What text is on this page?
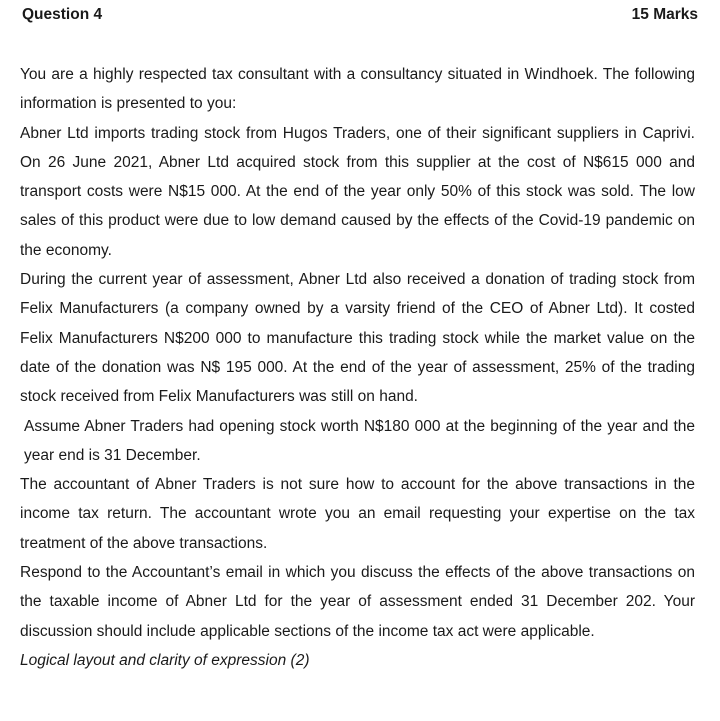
Question 4	15 Marks

You are a highly respected tax consultant with a consultancy situated in Windhoek. The following information is presented to you:

Abner Ltd imports trading stock from Hugos Traders, one of their significant suppliers in Caprivi. On 26 June 2021, Abner Ltd acquired stock from this supplier at the cost of N$615 000 and transport costs were N$15 000. At the end of the year only 50% of this stock was sold. The low sales of this product were due to low demand caused by the effects of the Covid-19 pandemic on the economy.

During the current year of assessment, Abner Ltd also received a donation of trading stock from Felix Manufacturers (a company owned by a varsity friend of the CEO of Abner Ltd). It costed Felix Manufacturers N$200 000 to manufacture this trading stock while the market value on the date of the donation was N$ 195 000. At the end of the year of assessment, 25% of the trading stock received from Felix Manufacturers was still on hand.

Assume Abner Traders had opening stock worth N$180 000 at the beginning of the year and the year end is 31 December.

The accountant of Abner Traders is not sure how to account for the above transactions in the income tax return. The accountant wrote you an email requesting your expertise on the tax treatment of the above transactions.

Respond to the Accountant’s email in which you discuss the effects of the above transactions on the taxable income of Abner Ltd for the year of assessment ended 31 December 202. Your discussion should include applicable sections of the income tax act were applicable.

Logical layout and clarity of expression (2)
